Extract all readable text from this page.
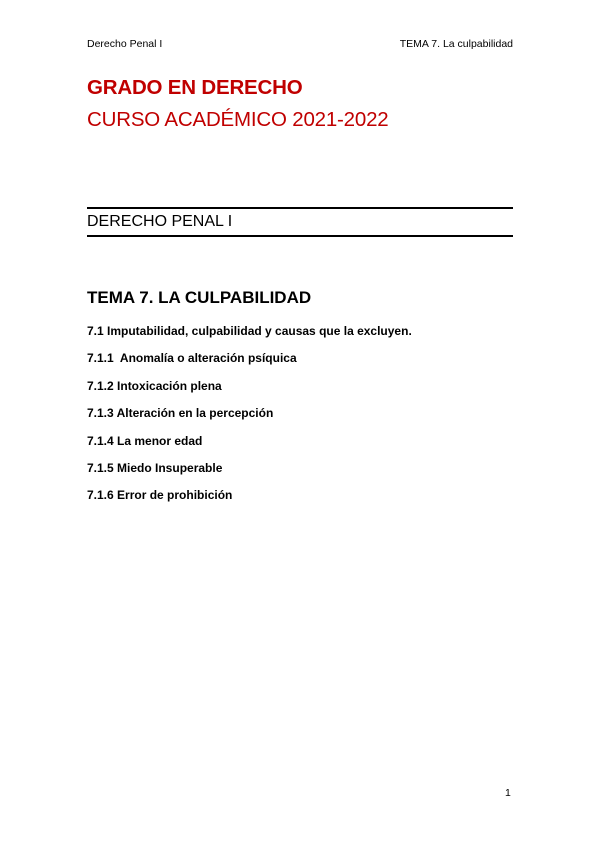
Derecho Penal I	TEMA 7. La culpabilidad
GRADO EN DERECHO
CURSO ACADÉMICO 2021-2022
DERECHO PENAL I
TEMA 7. LA CULPABILIDAD
7.1 Imputabilidad, culpabilidad y causas que la excluyen.
7.1.1  Anomalía o alteración psíquica
7.1.2 Intoxicación plena
7.1.3 Alteración en la percepción
7.1.4 La menor edad
7.1.5 Miedo Insuperable
7.1.6 Error de prohibición
1
